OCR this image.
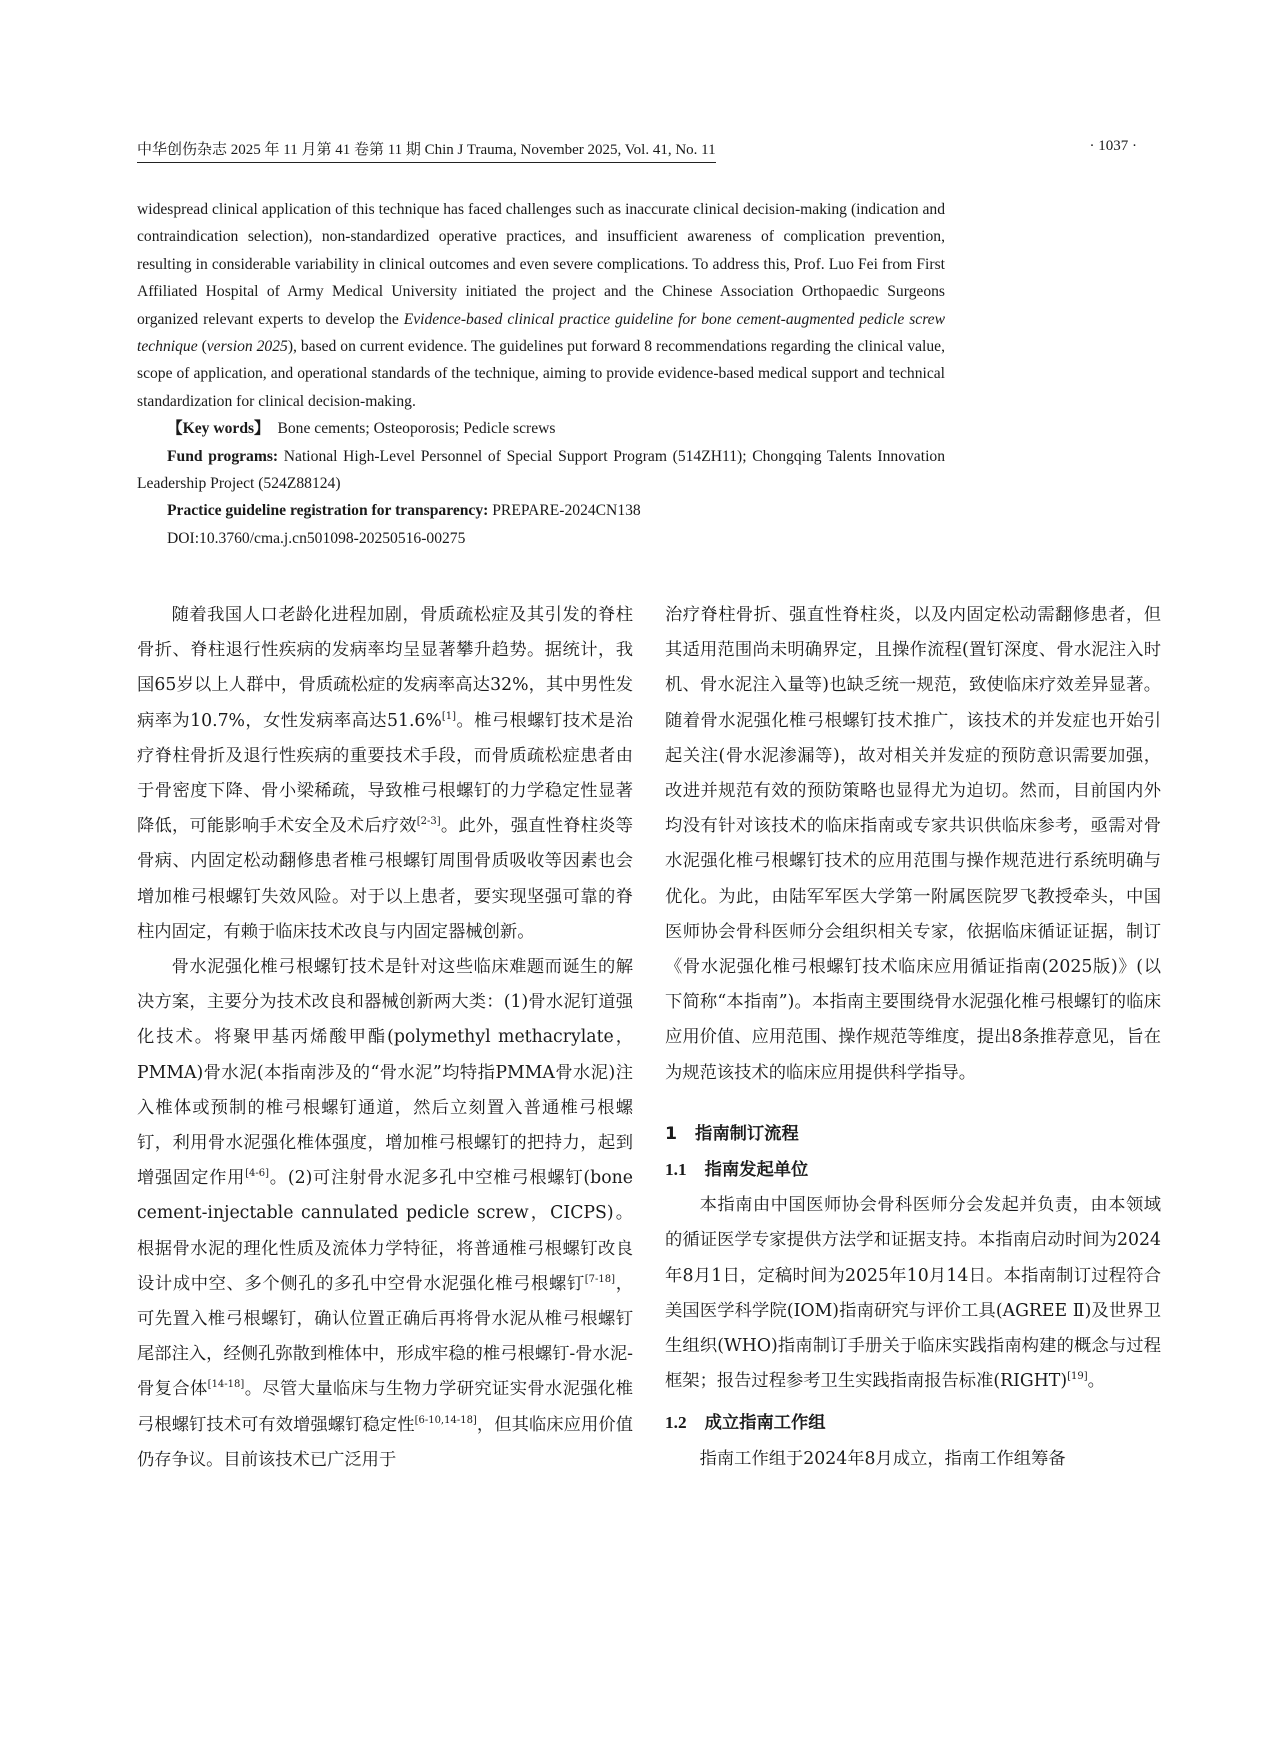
中华创伤杂志 2025 年 11 月第 41 卷第 11 期 Chin J Trauma, November 2025, Vol. 41, No. 11	· 1037 ·

widespread clinical application of this technique has faced challenges such as inaccurate clinical decision-making (indication and contraindication selection), non-standardized operative practices, and insufficient awareness of complication prevention, resulting in considerable variability in clinical outcomes and even severe complications. To address this, Prof. Luo Fei from First Affiliated Hospital of Army Medical University initiated the project and the Chinese Association Orthopaedic Surgeons organized relevant experts to develop the Evidence-based clinical practice guideline for bone cement-augmented pedicle screw technique (version 2025), based on current evidence. The guidelines put forward 8 recommendations regarding the clinical value, scope of application, and operational standards of the technique, aiming to provide evidence-based medical support and technical standardization for clinical decision-making.

【Key words】 Bone cements; Osteoporosis; Pedicle screws

Fund programs: National High-Level Personnel of Special Support Program (514ZH11); Chongqing Talents Innovation Leadership Project (524Z88124)

Practice guideline registration for transparency: PREPARE-2024CN138

DOI:10.3760/cma.j.cn501098-20250516-00275

随着我国人口老龄化进程加剧，骨质疏松症及其引发的脊柱骨折、脊柱退行性疾病的发病率均呈显著攀升趋势。据统计，我国65岁以上人群中，骨质疏松症的发病率高达32%，其中男性发病率为10.7%，女性发病率高达51.6%[1]。椎弓根螺钉技术是治疗脊柱骨折及退行性疾病的重要技术手段，而骨质疏松症患者由于骨密度下降、骨小梁稀疏，导致椎弓根螺钉的力学稳定性显著降低，可能影响手术安全及术后疗效[2-3]。此外，强直性脊柱炎等骨病、内固定松动翻修患者椎弓根螺钉周围骨质吸收等因素也会增加椎弓根螺钉失效风险。对于以上患者，要实现坚强可靠的脊柱内固定，有赖于临床技术改良与内固定器械创新。

骨水泥强化椎弓根螺钉技术是针对这些临床难题而诞生的解决方案，主要分为技术改良和器械创新两大类：(1)骨水泥钉道强化技术。将聚甲基丙烯酸甲酯(polymethyl methacrylate，PMMA)骨水泥(本指南涉及的“骨水泥”均特指PMMA骨水泥)注入椎体或预制的椎弓根螺钉通道，然后立刻置入普通椎弓根螺钉，利用骨水泥强化椎体强度，增加椎弓根螺钉的把持力，起到增强固定作用[4-6]。(2)可注射骨水泥多孔中空椎弓根螺钉(bone cement-injectable cannulated pedicle screw，CICPS)。根据骨水泥的理化性质及流体力学特征，将普通椎弓根螺钉改良设计成中空、多个侧孔的多孔中空骨水泥强化椎弓根螺钉[7-18]，可先置入椎弓根螺钉，确认位置正确后再将骨水泥从椎弓根螺钉尾部注入，经侧孔弥散到椎体中，形成牢稳的椎弓根螺钉-骨水泥-骨复合体[14-18]。尽管大量临床与生物力学研究证实骨水泥强化椎弓根螺钉技术可有效增强螺钉稳定性[6-10,14-18]，但其临床应用价值仍存争议。目前该技术已广泛用于

治疗脊柱骨折、强直性脊柱炎，以及内固定松动需翻修患者，但其适用范围尚未明确界定，且操作流程(置钉深度、骨水泥注入时机、骨水泥注入量等)也缺乏统一规范，致使临床疗效差异显著。随着骨水泥强化椎弓根螺钉技术推广，该技术的并发症也开始引起关注(骨水泥渗漏等)，故对相关并发症的预防意识需要加强，改进并规范有效的预防策略也显得尤为迫切。然而，目前国内外均没有针对该技术的临床指南或专家共识供临床参考，亟需对骨水泥强化椎弓根螺钉技术的应用范围与操作规范进行系统明确与优化。为此，由陆军军医大学第一附属医院罗飞教授牵头，中国医师协会骨科医师分会组织相关专家，依据临床循证证据，制订《骨水泥强化椎弓根螺钉技术临床应用循证指南(2025版)》(以下简称“本指南”)。本指南主要围绕骨水泥强化椎弓根螺钉的临床应用价值、应用范围、操作规范等维度，提出8条推荐意见，旨在为规范该技术的临床应用提供科学指导。

1 指南制订流程
1.1 指南发起单位

本指南由中国医师协会骨科医师分会发起并负责，由本领域的循证医学专家提供方法学和证据支持。本指南启动时间为2024年8月1日，定稿时间为2025年10月14日。本指南制订过程符合美国医学科学院(IOM)指南研究与评价工具(AGREE Ⅱ)及世界卫生组织(WHO)指南制订手册关于临床实践指南构建的概念与过程框架；报告过程参考卫生实践指南报告标准(RIGHT)[19]。

1.2 成立指南工作组

指南工作组于2024年8月成立，指南工作组筹备
